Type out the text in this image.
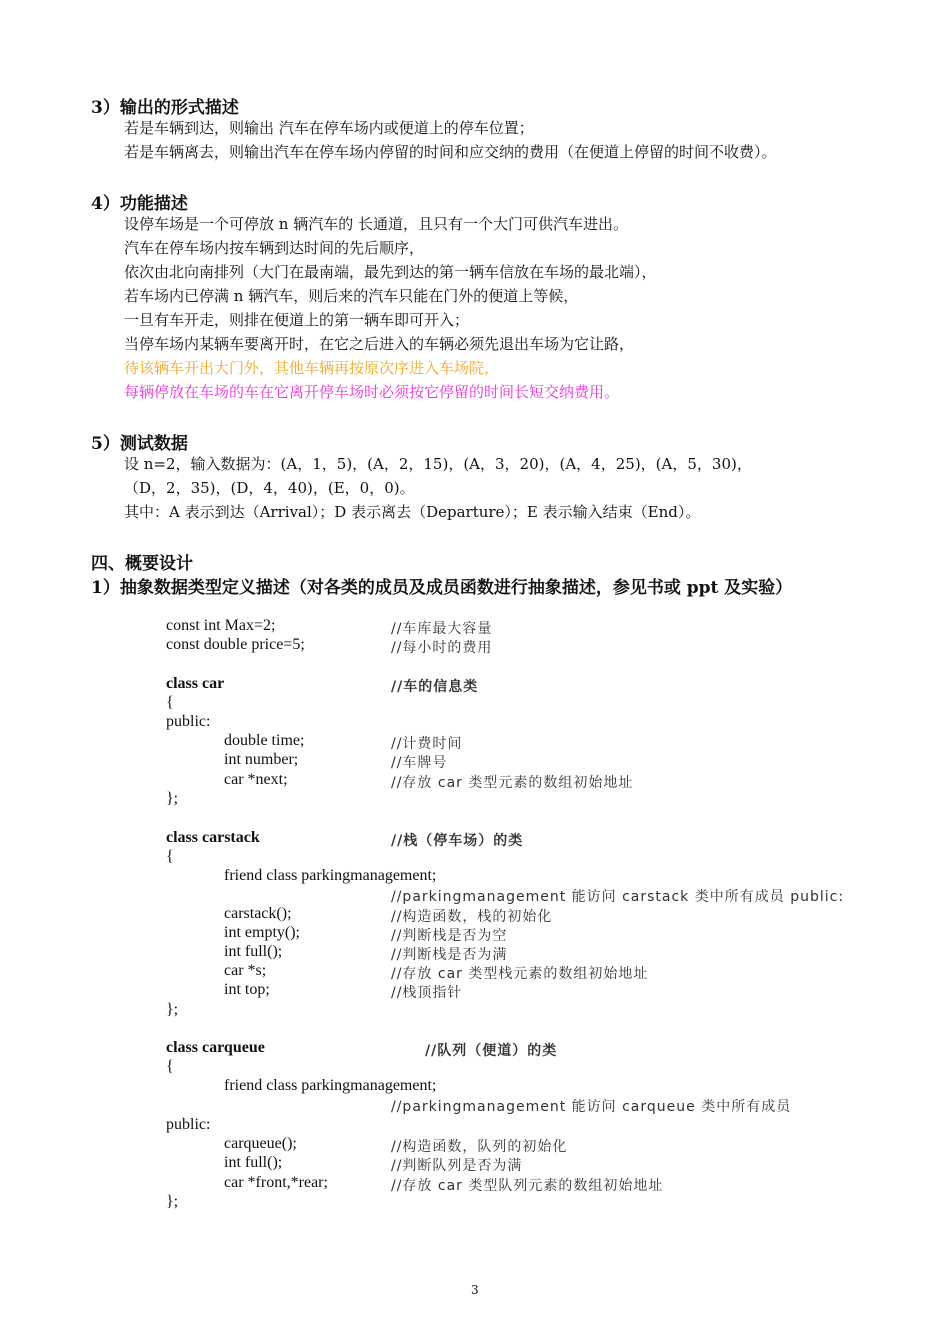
3）输出的形式描述
若是车辆到达，则输出 汽车在停车场内或便道上的停车位置；
若是车辆离去，则输出汽车在停车场内停留的时间和应交纳的费用（在便道上停留的时间不收费）。
4）功能描述
设停车场是一个可停放 n 辆汽车的 长通道，且只有一个大门可供汽车进出。
汽车在停车场内按车辆到达时间的先后顺序，
依次由北向南排列（大门在最南端，最先到达的第一辆车信放在车场的最北端），
若车场内已停满 n 辆汽车，则后来的汽车只能在门外的便道上等候，
一旦有车开走，则排在便道上的第一辆车即可开入；
当停车场内某辆车要离开时，在它之后进入的车辆必须先退出车场为它让路，
待该辆车开出大门外，其他车辆再按原次序进入车场院，
每辆停放在车场的车在它离开停车场时必须按它停留的时间长短交纳费用。
5）测试数据
设 n=2，输入数据为：(A，1，5)，(A，2，15)，(A，3，20)，(A，4，25)，(A，5，30)，
（D，2，35)，(D，4，40)，(E，0，0)。
其中：A 表示到达（Arrival）；D 表示离去（Departure）；E 表示输入结束（End）。
四、概要设计
1）抽象数据类型定义描述（对各类的成员及成员函数进行抽象描述，参见书或 ppt 及实验）
const int Max=2;	//车库最大容量
const double price=5;	//每小时的费用
class car	//车的信息类
{
public:
double time;	//计费时间
int number;	//车牌号
car *next;	//存放 car 类型元素的数组初始地址
};
class carstack	//栈（停车场）的类
{
friend class parkingmanagement;
//parkingmanagement 能访问 carstack 类中所有成员 public:
carstack();	//构造函数，栈的初始化
int empty();	//判断栈是否为空
int full();	//判断栈是否为满
car *s;	//存放 car 类型栈元素的数组初始地址
int top;	//栈顶指针
};
class carqueue	//队列（便道）的类
{
friend class parkingmanagement;
//parkingmanagement 能访问 carqueue 类中所有成员
public:
carqueue();	//构造函数，队列的初始化
int full();	//判断队列是否为满
car *front,*rear;	//存放 car 类型队列元素的数组初始地址
};
3
